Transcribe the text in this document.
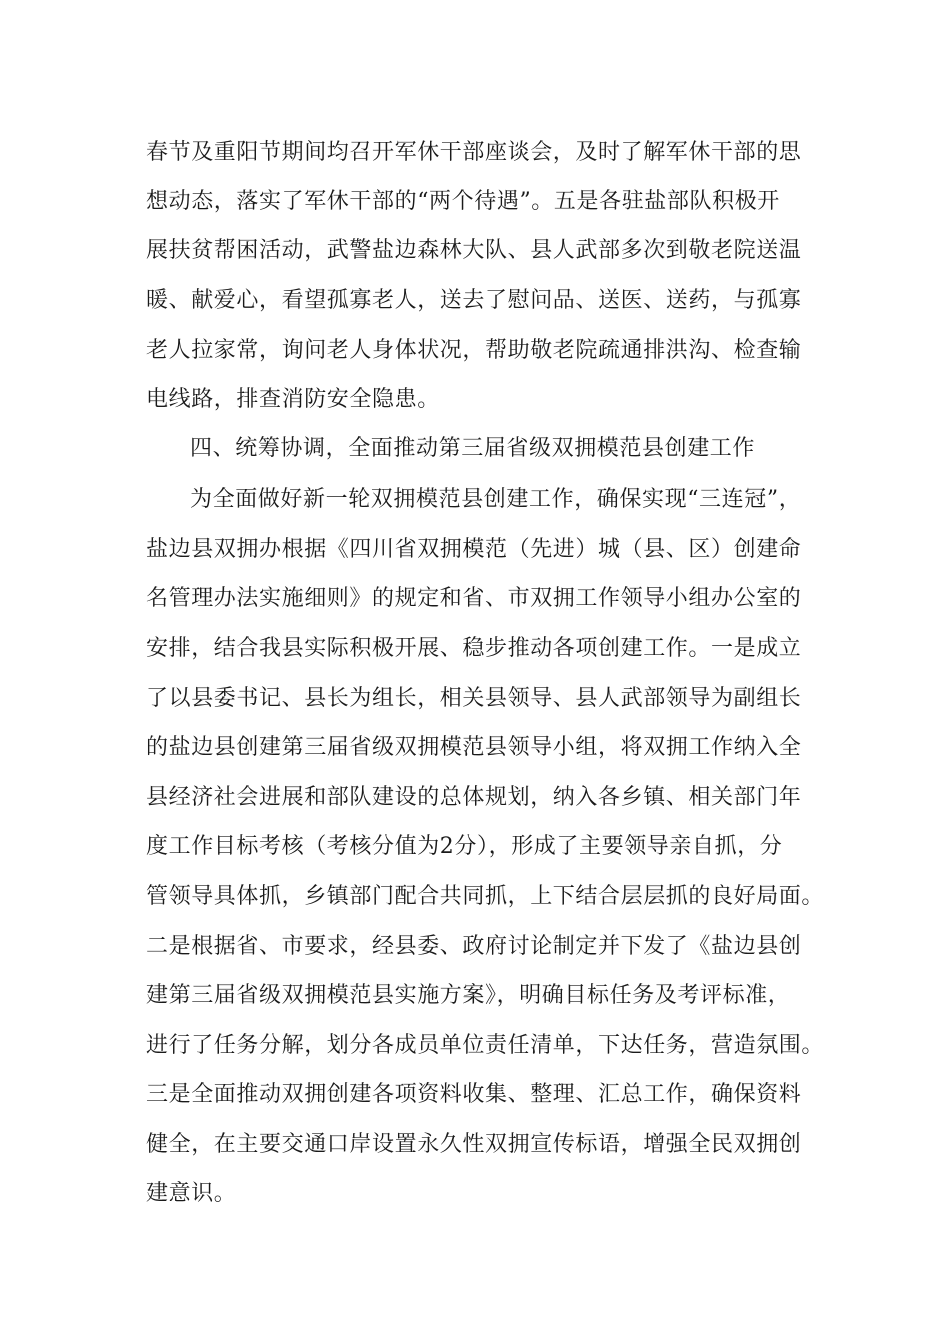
春节及重阳节期间均召开军休干部座谈会，及时了解军休干部的思
想动态，落实了军休干部的“两个待遇”。五是各驻盐部队积极开
展扶贫帮困活动，武警盐边森林大队、县人武部多次到敬老院送温
暖、献爱心，看望孤寡老人，送去了慰问品、送医、送药，与孤寡
老人拉家常，询问老人身体状况，帮助敬老院疏通排洪沟、检查输
电线路，排查消防安全隐患。
四、统筹协调，全面推动第三届省级双拥模范县创建工作
为全面做好新一轮双拥模范县创建工作，确保实现“三连冠”，
盐边县双拥办根据《四川省双拥模范（先进）城（县、区）创建命
名管理办法实施细则》的规定和省、市双拥工作领导小组办公室的
安排，结合我县实际积极开展、稳步推动各项创建工作。一是成立
了以县委书记、县长为组长，相关县领导、县人武部领导为副组长
的盐边县创建第三届省级双拥模范县领导小组，将双拥工作纳入全
县经济社会进展和部队建设的总体规划，纳入各乡镇、相关部门年
度工作目标考核（考核分值为2分），形成了主要领导亲自抓，分
管领导具体抓，乡镇部门配合共同抓，上下结合层层抓的良好局面。
二是根据省、市要求，经县委、政府讨论制定并下发了《盐边县创
建第三届省级双拥模范县实施方案》，明确目标任务及考评标准，
进行了任务分解，划分各成员单位责任清单，下达任务，营造氛围。
三是全面推动双拥创建各项资料收集、整理、汇总工作，确保资料
健全，在主要交通口岸设置永久性双拥宣传标语，增强全民双拥创
建意识。
